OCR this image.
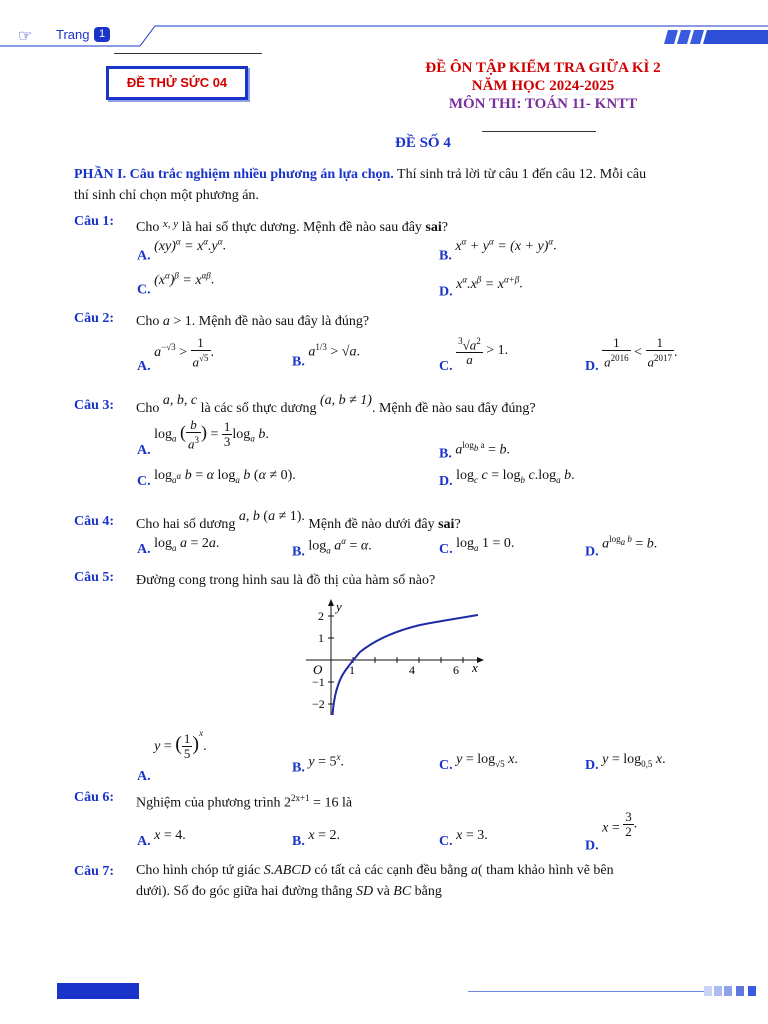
☞ Trang 1
ĐỀ THỬ SỨC 04
ĐỀ ÔN TẬP KIỂM TRA GIỮA KÌ 2
NĂM HỌC 2024-2025
MÔN THI: TOÁN 11- KNTT
ĐỀ SỐ 4
PHẦN I. Câu trắc nghiệm nhiều phương án lựa chọn. Thí sinh trả lời từ câu 1 đến câu 12. Mỗi câu
thí sinh chỉ chọn một phương án.
Câu 1: Cho $^{x, y}$ là hai số thực dương. Mệnh đề nào sau đây sai?
A. $(xy)^\alpha = x^\alpha.y^\alpha$.
B. $x^\alpha + y^\alpha = (x + y)^\alpha$.
C. $(x^\alpha)^\beta = x^{\alpha\beta}$.
D. $x^\alpha.x^\beta = x^{\alpha+\beta}$.
Câu 2: Cho a > 1. Mệnh đề nào sau đây là đúng?
A. $a^{-√3} > \frac{1}{a^{√5}}$ .
B. $a^{1/3} > √a$.
C. $\frac{^3√a^2}{a} > 1$.
D. $\frac{1}{a^{2016}} < \frac{1}{a^{2017}}$ .
Câu 3: Cho a, b, c là các số thực dương (a, b ≠ 1). Mệnh đề nào sau đây đúng?
A. $\log_a$ ( $\frac{b}{a^3}$ ) = $\frac{1}{3} \log_a b$.
B. $a^{log_b a} = b$.
C. $\log_{a^\alpha} b = \alpha$ $\log_a b$ (α ≠ 0).	D. $\log_c c = \log_b c.\log_a$ b.
Câu 4: Cho hai số dương a, b (a ≠ 1). Mệnh đề nào dưới đây sai?
A. $\log_a a = 2a$.
B. $\log_a a^\alpha = \alpha$.	C. $\log_a 1 = 0$.
D. $a^{log_a b} = b$.
Câu 5: Đường cong trong hình sau là đồ thị của hàm số nào?
y
x
O 1	4	6
2
1
−1
−2
A. y = ( $\frac{1}{5} )^x$.
B. $y = 5^x$.	C. $y = \log_{√5} x$.	D. $y = \log_{0,5} x$.
Câu 6: Nghiệm của phương trình $2^{2x+1} = 16$ là
A. x = 4.	B. x = 2.	C. x = 3.
D. $x = \frac{3}{2}$ .
Câu 7: Cho hình chóp tứ giác S.ABCD có tất cả các cạnh đều bằng a( tham khảo hình vẽ bên
dưới). Số đo góc giữa hai đường thẳng SD và BC bằng
